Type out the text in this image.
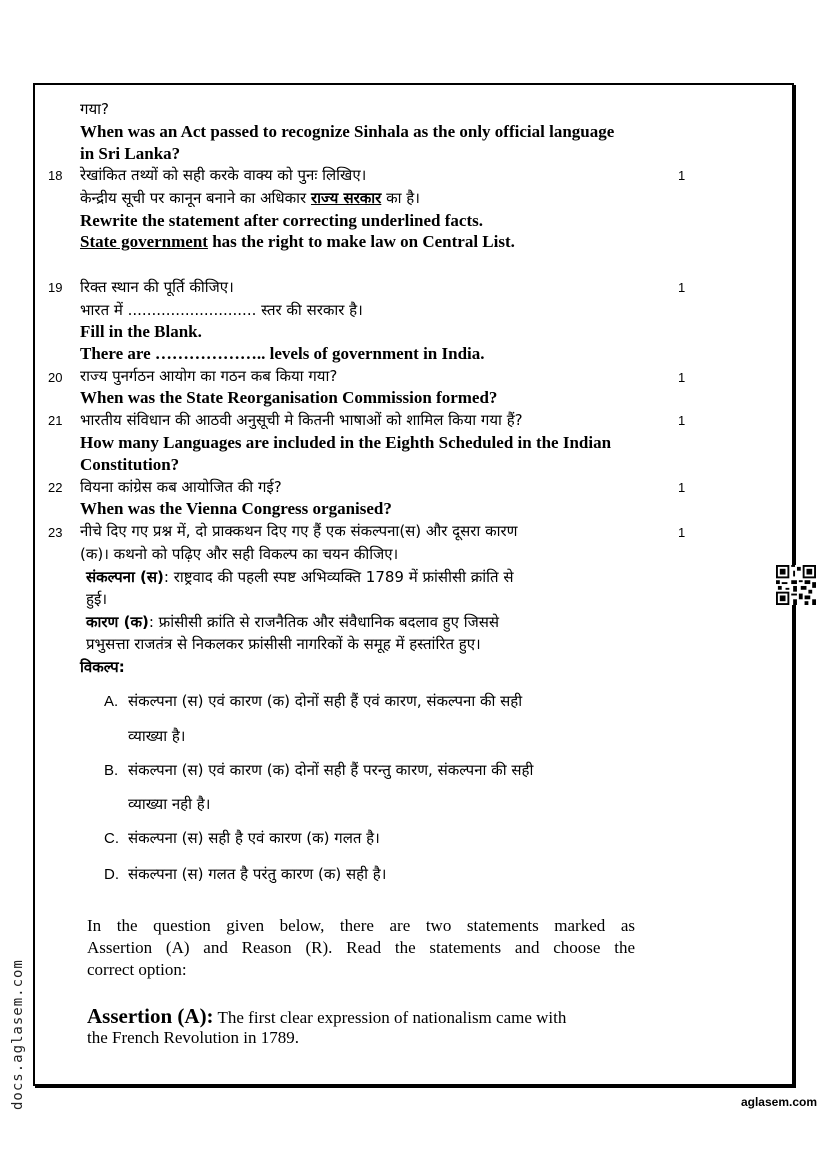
गया?
When was an Act passed to recognize Sinhala as the only official language
in Sri Lanka?
18	1
रेखांकित तथ्यों को सही करके वाक्य को पुनः लिखिए।
केन्द्रीय सूची पर कानून बनाने का अधिकार राज्य सरकार का है।
Rewrite the statement after correcting underlined facts.
State government has the right to make law on Central List.
19	1
रिक्त स्थान की पूर्ति कीजिए।
भारत में ........................... स्तर की सरकार है।
Fill in the Blank.
There are ……………….. levels of government in India.
20	1
राज्य पुनर्गठन आयोग का गठन कब किया गया?
When was the State Reorganisation Commission formed?
21	1
भारतीय संविधान की आठवी अनुसूची मे कितनी भाषाओं को शामिल किया गया हैं?
How many Languages are included in the Eighth Scheduled in the Indian
Constitution?
22	1
वियना कांग्रेस कब आयोजित की गई?
When was the Vienna Congress organised?
23	1
नीचे दिए गए प्रश्न में, दो प्राक्कथन दिए गए हैं एक संकल्पना(स) और दूसरा कारण
(क)। कथनो को पढ़िए और सही विकल्प का चयन कीजिए।
संकल्पना (स): राष्ट्रवाद की पहली स्पष्ट अभिव्यक्ति 1789 में फ्रांसीसी क्रांति से
हुई।
कारण (क): फ्रांसीसी क्रांति से राजनैतिक और संवैधानिक बदलाव हुए जिससे
प्रभुसत्ता राजतंत्र से निकलकर फ्रांसीसी नागरिकों के समूह में हस्तांरित हुए।
विकल्प:
A. संकल्पना (स) एवं कारण (क) दोनों सही हैं एवं कारण, संकल्पना की सही
व्याख्या है।
B. संकल्पना (स) एवं कारण (क) दोनों सही हैं परन्तु कारण, संकल्पना की सही
व्याख्या नही है।
C. संकल्पना (स) सही है एवं कारण (क) गलत है।
D. संकल्पना (स) गलत है परंतु कारण (क) सही है।
In the question given below, there are two statements marked as
Assertion (A) and Reason (R). Read the statements and choose the
correct option:
Assertion (A): The first clear expression of nationalism came with
the French Revolution in 1789.
docs.aglasem.com	aglasem.com
